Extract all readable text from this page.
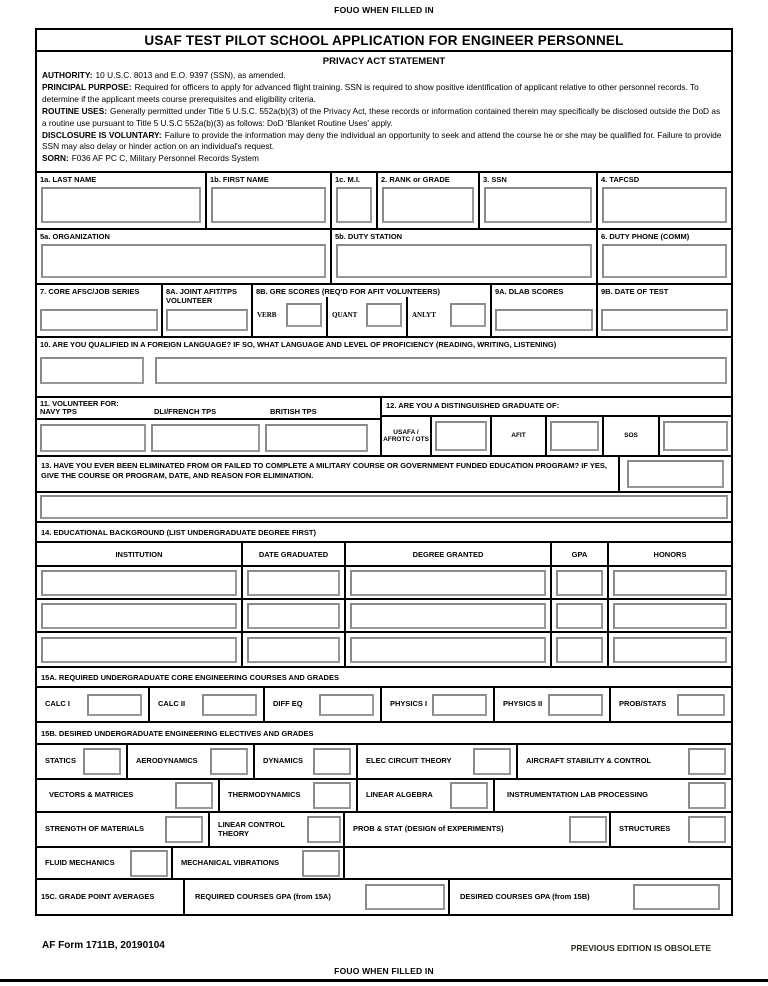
FOUO WHEN FILLED IN
USAF TEST PILOT SCHOOL APPLICATION FOR ENGINEER PERSONNEL
PRIVACY ACT STATEMENT
AUTHORITY: 10 U.S.C. 8013 and E.O. 9397 (SSN), as amended.
PRINCIPAL PURPOSE: Required for officers to apply for advanced flight training. SSN is required to show positive identification of applicant relative to other personnel records. To determine if the applicant meets course prerequisites and eligibility criteria.
ROUTINE USES: Generally permitted under Title 5 U.S.C. 552a(b)(3) of the Privacy Act, these records or information contained therein may specifically be disclosed outside the DoD as a routine use pursuant to Title 5 U.S.C 552a(b)(3) as follows: DoD 'Blanket Routine Uses' apply.
DISCLOSURE IS VOLUNTARY: Failure to provide the information may deny the individual an opportunity to seek and attend the course he or she may be qualified for. Failure to provide SSN may also delay or hinder action on an individual's request.
SORN: F036 AF PC C, Military Personnel Records System
1a. LAST NAME	1b. FIRST NAME	1c. M.I.	2. RANK or GRADE	3. SSN	4. TAFCSD
5a. ORGANIZATION	5b. DUTY STATION	6. DUTY PHONE (COMM)
7. CORE AFSC/JOB SERIES	8A. JOINT AFIT/TPS VOLUNTEER
8B. GRE SCORES (REQ'D FOR AFIT VOLUNTEERS)
VERB	QUANT	ANLYT
9A. DLAB SCORES	9B. DATE OF TEST
10. ARE YOU QUALIFIED IN A FOREIGN LANGUAGE? IF SO, WHAT LANGUAGE AND LEVEL OF PROFICIENCY (READING, WRITING, LISTENING)
11. VOLUNTEER FOR:
NAVY TPS	DLI/FRENCH TPS	BRITISH TPS
12. ARE YOU A DISTINGUISHED GRADUATE OF:
USAFA / AFROTC / OTS
AFIT	SOS
13. HAVE YOU EVER BEEN ELIMINATED FROM OR FAILED TO COMPLETE A MILITARY COURSE OR GOVERNMENT FUNDED EDUCATION PROGRAM? IF YES, GIVE THE COURSE OR PROGRAM, DATE, AND REASON FOR ELIMINATION.
14. EDUCATIONAL BACKGROUND (LIST UNDERGRADUATE DEGREE FIRST)
INSTITUTION	DATE GRADUATED	DEGREE GRANTED	GPA	HONORS
15A. REQUIRED UNDERGRADUATE CORE ENGINEERING COURSES AND GRADES
CALC I	CALC II	DIFF EQ	PHYSICS I	PHYSICS II	PROB/STATS
15B. DESIRED UNDERGRADUATE ENGINEERING ELECTIVES AND GRADES
STATICS	AERODYNAMICS	DYNAMICS	ELEC CIRCUIT THEORY	AIRCRAFT STABILITY & CONTROL
VECTORS & MATRICES	THERMODYNAMICS	LINEAR ALGEBRA	INSTRUMENTATION LAB PROCESSING
STRENGTH OF MATERIALS	LINEAR CONTROL THEORY	PROB & STAT (DESIGN of EXPERIMENTS)	STRUCTURES
FLUID MECHANICS	MECHANICAL VIBRATIONS
15C. GRADE POINT AVERAGES	REQUIRED COURSES GPA (from 15A)	DESIRED COURSES GPA (from 15B)
AF Form 1711B, 20190104	PREVIOUS EDITION IS OBSOLETE
FOUO WHEN FILLED IN
